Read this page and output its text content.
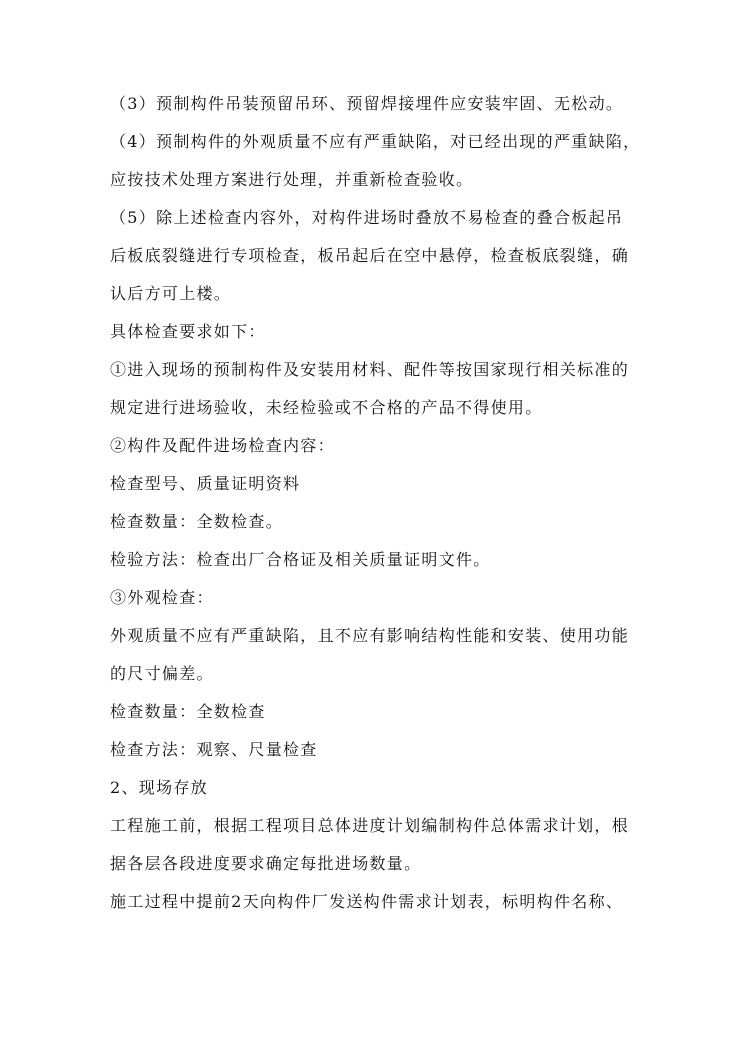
（3）预制构件吊装预留吊环、预留焊接埋件应安装牢固、无松动。

（4）预制构件的外观质量不应有严重缺陷，对已经出现的严重缺陷，

应按技术处理方案进行处理，并重新检查验收。

（5）除上述检查内容外，对构件进场时叠放不易检查的叠合板起吊

后板底裂缝进行专项检查，板吊起后在空中悬停，检查板底裂缝，确

认后方可上楼。

具体检查要求如下：

①进入现场的预制构件及安装用材料、配件等按国家现行相关标准的

规定进行进场验收，未经检验或不合格的产品不得使用。

②构件及配件进场检查内容：

检查型号、质量证明资料

检查数量：全数检查。

检验方法：检查出厂合格证及相关质量证明文件。

③外观检查：

外观质量不应有严重缺陷，且不应有影响结构性能和安装、使用功能

的尺寸偏差。

检查数量：全数检查

检查方法：观察、尺量检查

2、现场存放

工程施工前，根据工程项目总体进度计划编制构件总体需求计划，根

据各层各段进度要求确定每批进场数量。

施工过程中提前2天向构件厂发送构件需求计划表，标明构件名称、
